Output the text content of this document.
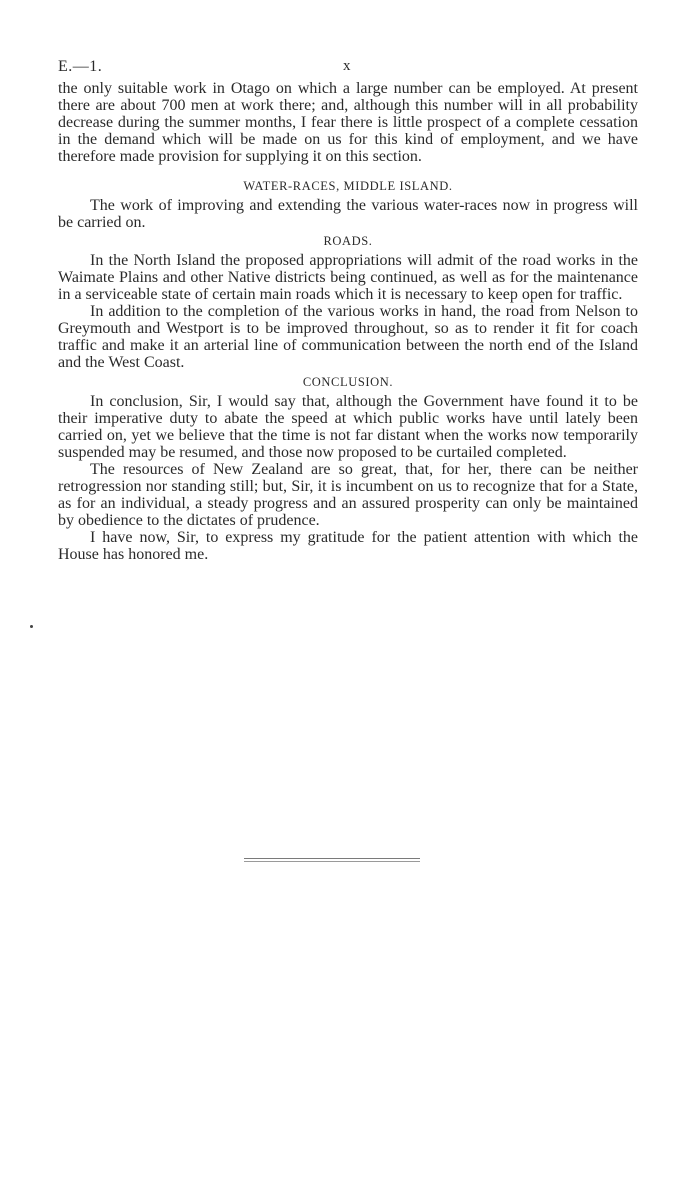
E.—1.	x

the only suitable work in Otago on which a large number can be employed. At present there are about 700 men at work there; and, although this number will in all probability decrease during the summer months, I fear there is little prospect of a complete cessation in the demand which will be made on us for this kind of employment, and we have therefore made provision for supplying it on this section.

WATER-RACES, MIDDLE ISLAND.

The work of improving and extending the various water-races now in progress will be carried on.

ROADS.

In the North Island the proposed appropriations will admit of the road works in the Waimate Plains and other Native districts being continued, as well as for the maintenance in a serviceable state of certain main roads which it is necessary to keep open for traffic.

In addition to the completion of the various works in hand, the road from Nelson to Greymouth and Westport is to be improved throughout, so as to render it fit for coach traffic and make it an arterial line of communication between the north end of the Island and the West Coast.

CONCLUSION.

In conclusion, Sir, I would say that, although the Government have found it to be their imperative duty to abate the speed at which public works have until lately been carried on, yet we believe that the time is not far distant when the works now temporarily suspended may be resumed, and those now proposed to be curtailed completed.

The resources of New Zealand are so great, that, for her, there can be neither retrogression nor standing still; but, Sir, it is incumbent on us to recognize that for a State, as for an individual, a steady progress and an assured prosperity can only be maintained by obedience to the dictates of prudence.

I have now, Sir, to express my gratitude for the patient attention with which the House has honored me.
